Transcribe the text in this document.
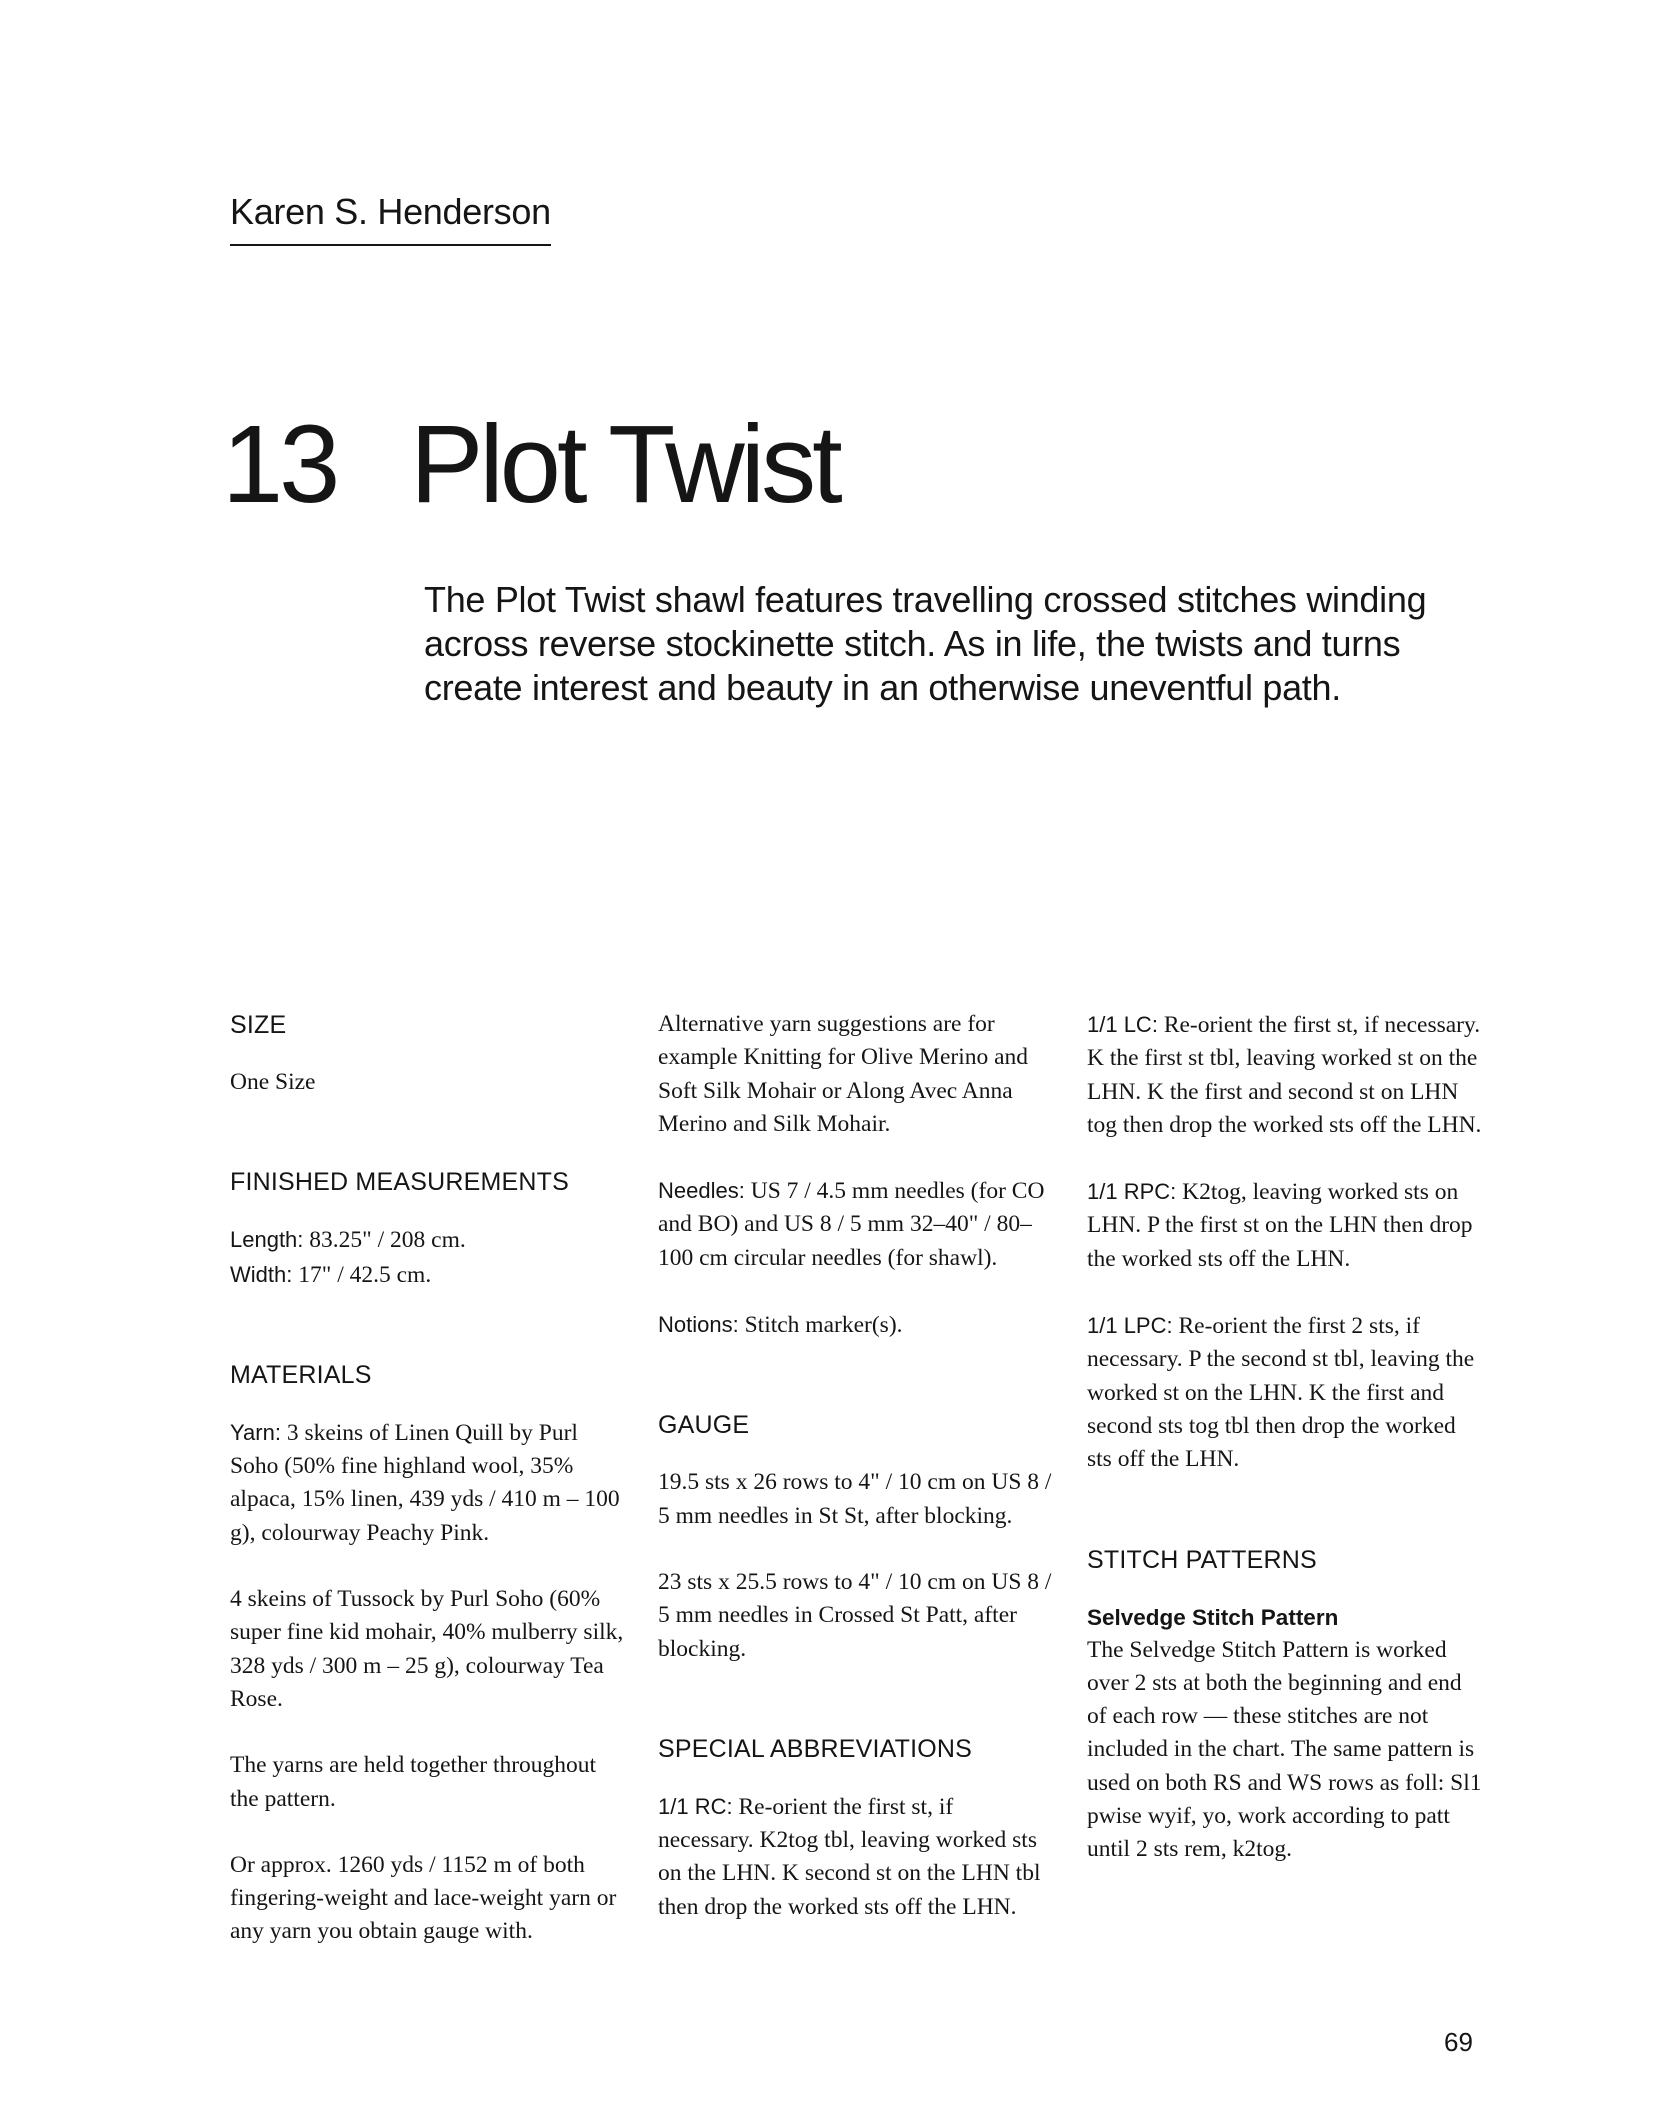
Karen S. Henderson
13 Plot Twist
The Plot Twist shawl features travelling crossed stitches winding across reverse stockinette stitch. As in life, the twists and turns create interest and beauty in an otherwise uneventful path.
SIZE

One Size

FINISHED MEASUREMENTS

Length: 83.25" / 208 cm.

Width: 17" / 42.5 cm.

MATERIALS

Yarn: 3 skeins of Linen Quill by Purl Soho (50% fine highland wool, 35% alpaca, 15% linen, 439 yds / 410 m – 100 g), colourway Peachy Pink.

4 skeins of Tussock by Purl Soho (60% super fine kid mohair, 40% mulberry silk, 328 yds / 300 m – 25 g), colourway Tea Rose.

The yarns are held together throughout the pattern.

Or approx. 1260 yds / 1152 m of both fingering-weight and lace-weight yarn or any yarn you obtain gauge with.

Alternative yarn suggestions are for example Knitting for Olive Merino and Soft Silk Mohair or Along Avec Anna Merino and Silk Mohair.

Needles: US 7 / 4.5 mm needles (for CO and BO) and US 8 / 5 mm 32–40" / 80–100 cm circular needles (for shawl).

Notions: Stitch marker(s).

GAUGE

19.5 sts x 26 rows to 4" / 10 cm on US 8 / 5 mm needles in St St, after blocking.

23 sts x 25.5 rows to 4" / 10 cm on US 8 / 5 mm needles in Crossed St Patt, after blocking.

SPECIAL ABBREVIATIONS

1/1 RC: Re-orient the first st, if necessary. K2tog tbl, leaving worked sts on the LHN. K second st on the LHN tbl then drop the worked sts off the LHN.

1/1 LC: Re-orient the first st, if necessary. K the first st tbl, leaving worked st on the LHN. K the first and second st on LHN tog then drop the worked sts off the LHN.

1/1 RPC: K2tog, leaving worked sts on LHN. P the first st on the LHN then drop the worked sts off the LHN.

1/1 LPC: Re-orient the first 2 sts, if necessary. P the second st tbl, leaving the worked st on the LHN. K the first and second sts tog tbl then drop the worked sts off the LHN.

STITCH PATTERNS
Selvedge Stitch Pattern

The Selvedge Stitch Pattern is worked over 2 sts at both the beginning and end of each row — these stitches are not included in the chart. The same pattern is used on both RS and WS rows as foll: Sl1 pwise wyif, yo, work according to patt until 2 sts rem, k2tog.

69
